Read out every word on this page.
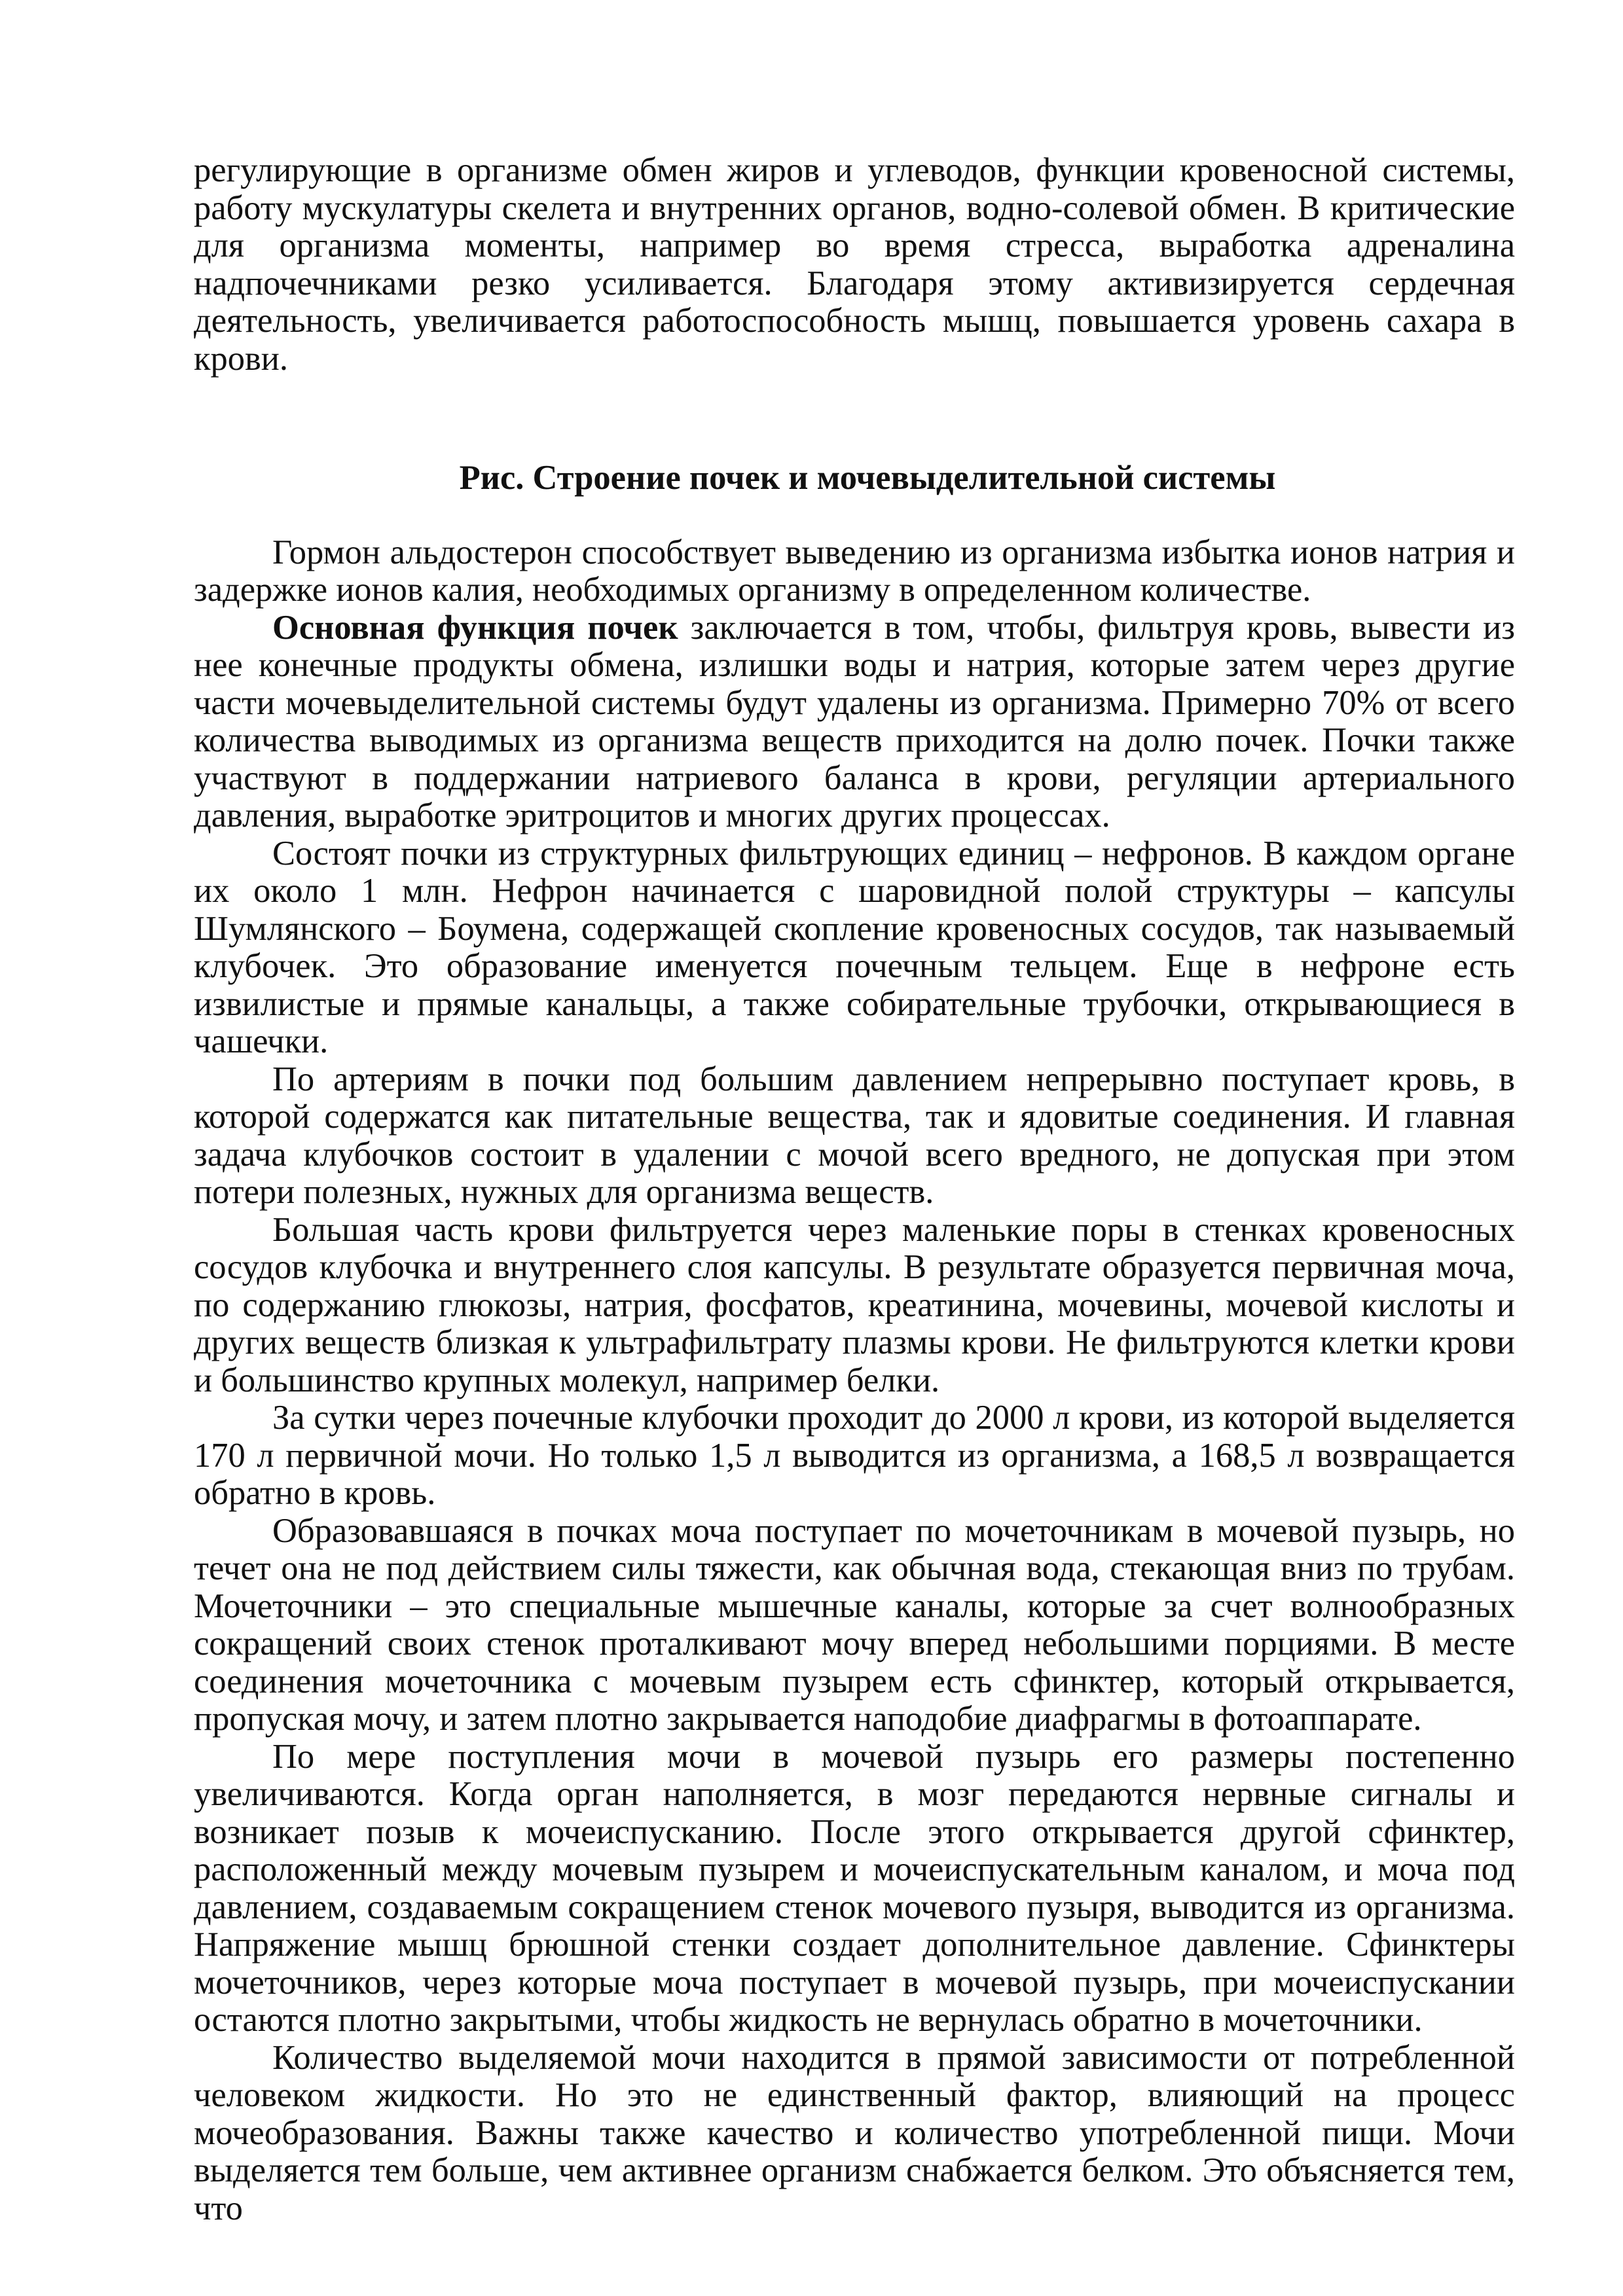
регулирующие в организме обмен жиров и углеводов, функции кровеносной системы, работу мускулатуры скелета и внутренних органов, водно-солевой обмен. В критические для организма моменты, например во время стресса, выработка адреналина надпочечниками резко усиливается. Благодаря этому активизируется сердечная деятельность, увеличивается работоспособность мышц, повышается уровень сахара в крови.

Рис. Строение почек и мочевыделительной системы

Гормон альдостерон способствует выведению из организма избытка ионов натрия и задержке ионов калия, необходимых организму в определенном количестве.

Основная функция почек заключается в том, чтобы, фильтруя кровь, вывести из нее конечные продукты обмена, излишки воды и натрия, которые затем через другие части мочевыделительной системы будут удалены из организма. Примерно 70% от всего количества выводимых из организма веществ приходится на долю почек. Почки также участвуют в поддержании натриевого баланса в крови, регуляции артериального давления, выработке эритроцитов и многих других процессах.

Состоят почки из структурных фильтрующих единиц – нефронов. В каждом органе их около 1 млн. Нефрон начинается с шаровидной полой структуры – капсулы Шумлянского – Боумена, содержащей скопление кровеносных сосудов, так называемый клубочек. Это образование именуется почечным тельцем. Еще в нефроне есть извилистые и прямые канальцы, а также собирательные трубочки, открывающиеся в чашечки.

По артериям в почки под большим давлением непрерывно поступает кровь, в которой содержатся как питательные вещества, так и ядовитые соединения. И главная задача клубочков состоит в удалении с мочой всего вредного, не допуская при этом потери полезных, нужных для организма веществ.

Большая часть крови фильтруется через маленькие поры в стенках кровеносных сосудов клубочка и внутреннего слоя капсулы. В результате образуется первичная моча, по содержанию глюкозы, натрия, фосфатов, креатинина, мочевины, мочевой кислоты и других веществ близкая к ультрафильтрату плазмы крови. Не фильтруются клетки крови и большинство крупных молекул, например белки.

За сутки через почечные клубочки проходит до 2000 л крови, из которой выделяется 170 л первичной мочи. Но только 1,5 л выводится из организма, а 168,5 л возвращается обратно в кровь.

Образовавшаяся в почках моча поступает по мочеточникам в мочевой пузырь, но течет она не под действием силы тяжести, как обычная вода, стекающая вниз по трубам. Мочеточники – это специальные мышечные каналы, которые за счет волнообразных сокращений своих стенок проталкивают мочу вперед небольшими порциями. В месте соединения мочеточника с мочевым пузырем есть сфинктер, который открывается, пропуская мочу, и затем плотно закрывается наподобие диафрагмы в фотоаппарате.

По мере поступления мочи в мочевой пузырь его размеры постепенно увеличиваются. Когда орган наполняется, в мозг передаются нервные сигналы и возникает позыв к мочеиспусканию. После этого открывается другой сфинктер, расположенный между мочевым пузырем и мочеиспускательным каналом, и моча под давлением, создаваемым сокращением стенок мочевого пузыря, выводится из организма. Напряжение мышц брюшной стенки создает дополнительное давление. Сфинктеры мочеточников, через которые моча поступает в мочевой пузырь, при мочеиспускании остаются плотно закрытыми, чтобы жидкость не вернулась обратно в мочеточники.

Количество выделяемой мочи находится в прямой зависимости от потребленной человеком жидкости. Но это не единственный фактор, влияющий на процесс мочеобразования. Важны также качество и количество употребленной пищи. Мочи выделяется тем больше, чем активнее организм снабжается белком. Это объясняется тем, что
